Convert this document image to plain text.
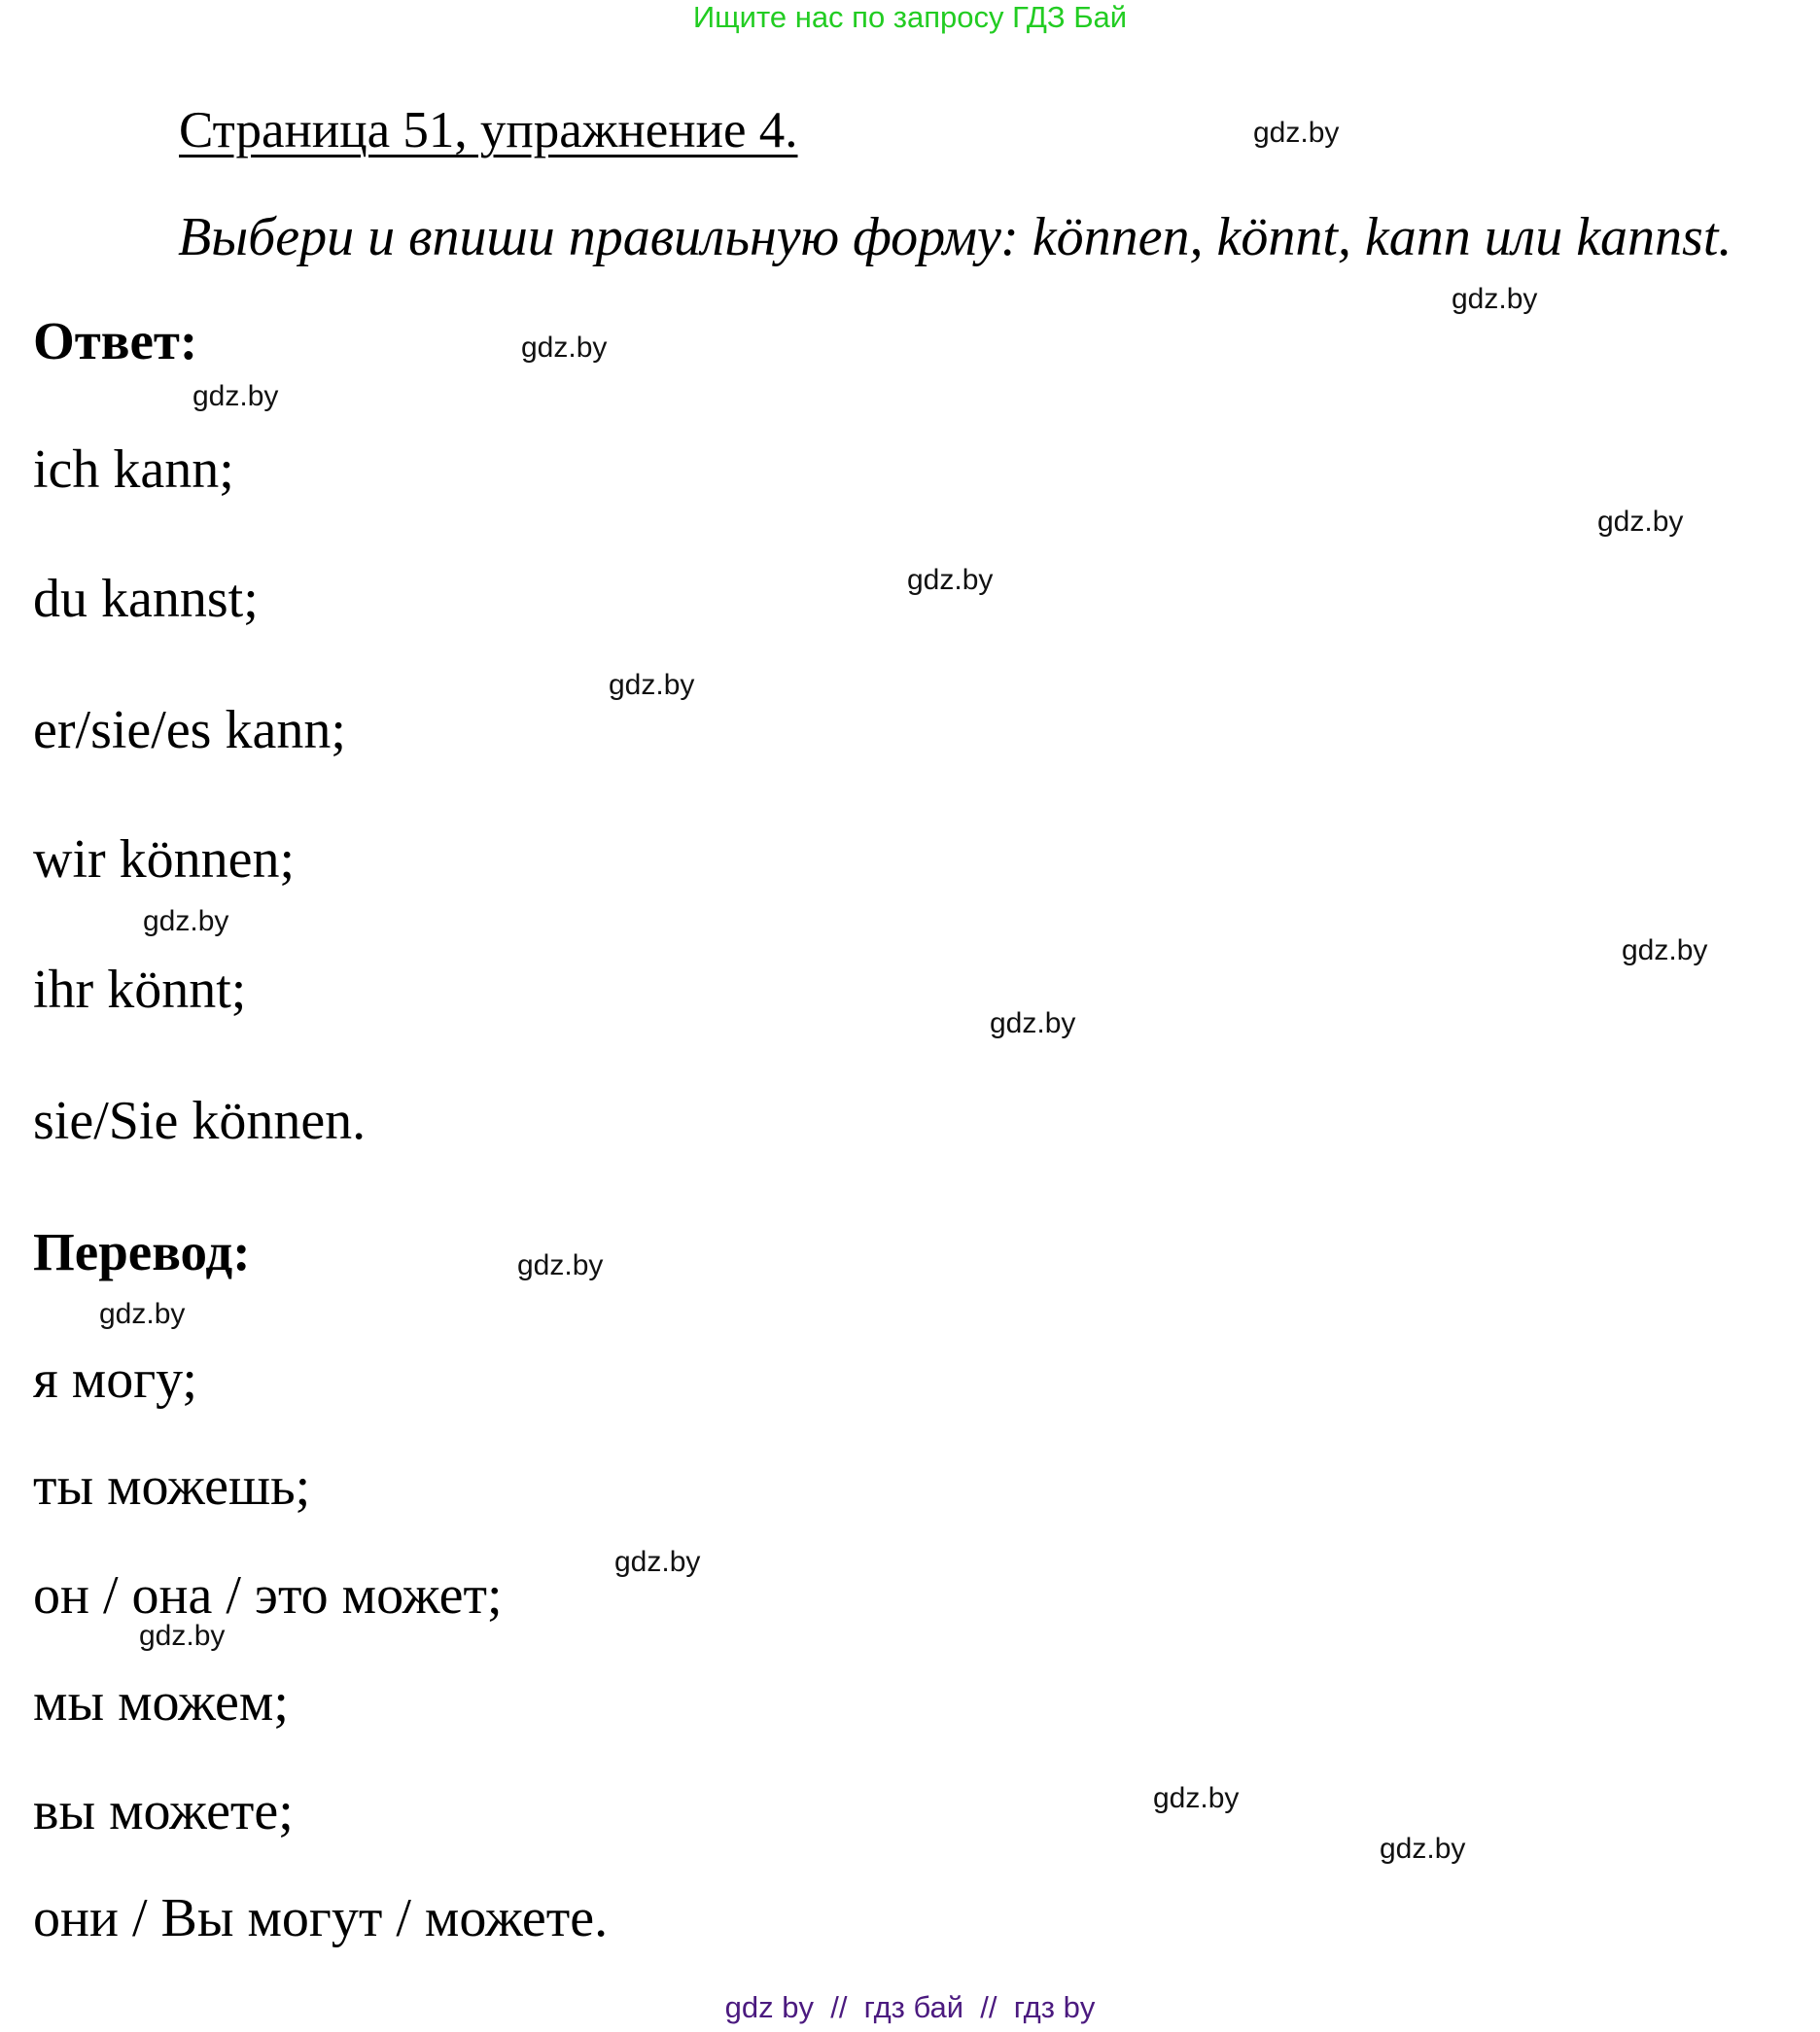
Ищите нас по запросу ГДЗ Бай
Страница 51, упражнение 4.
Выбери и впиши правильную форму: können, könnt, kann или kannst.
Ответ:
ich kann;
du kannst;
er/sie/es kann;
wir können;
ihr könnt;
sie/Sie können.
Перевод:
я могу;
ты можешь;
он / она / это может;
мы можем;
вы можете;
они / Вы могут / можете.
gdz.by
gdz.by
gdz.by
gdz.by
gdz.by
gdz.by
gdz.by
gdz.by
gdz.by
gdz.by
gdz.by
gdz.by
gdz.by
gdz.by
gdz.by
gdz.by
gdz by  //  гдз бай  //  гдз by
